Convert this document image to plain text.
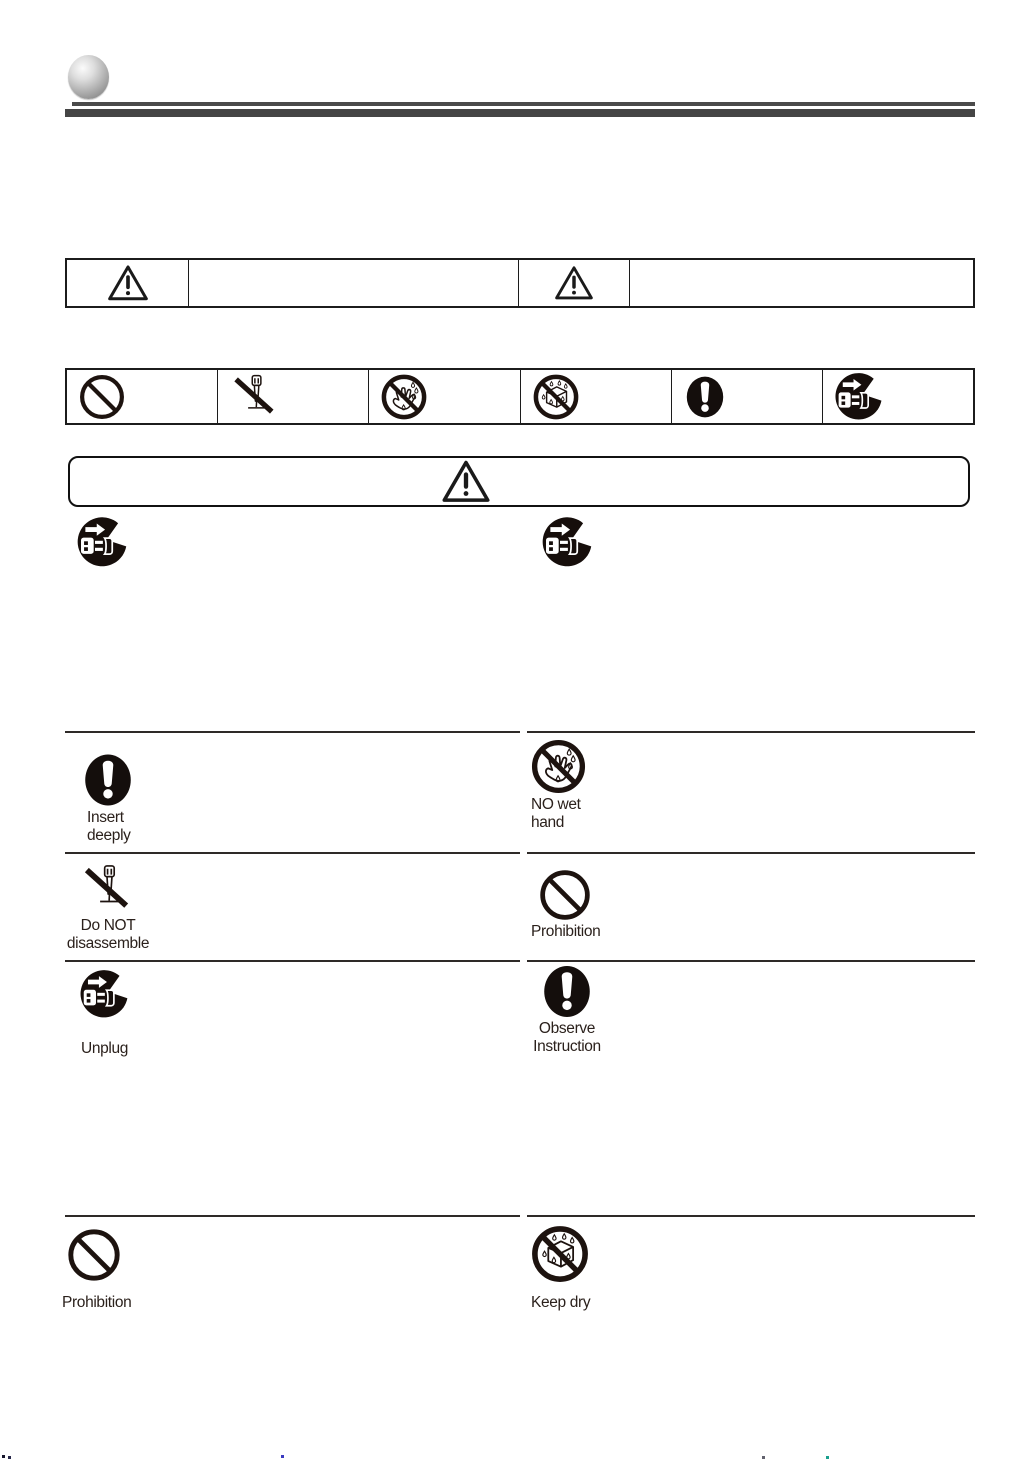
Insert
deeply
NO wet
hand
Do NOT
disassemble
Prohibition
Unplug
Observe
Instruction
Prohibition	Keep dry
